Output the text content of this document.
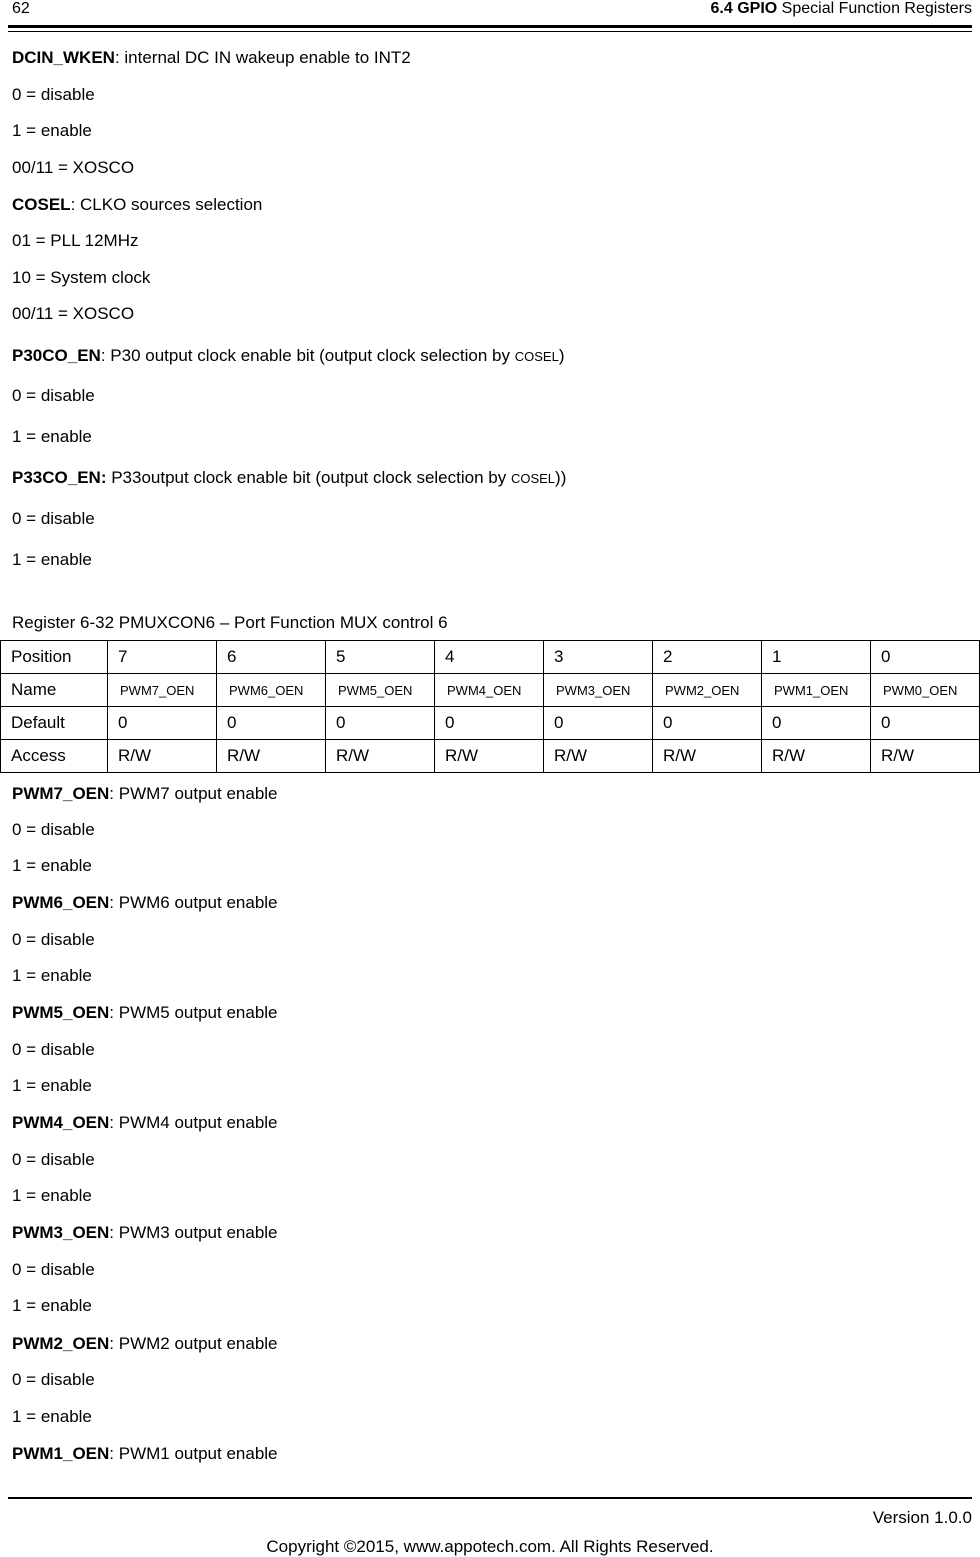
62	6.4 GPIO Special Function Registers
DCIN_WKEN: internal DC IN wakeup enable to INT2
0 = disable
1 = enable
00/11 = XOSCO
COSEL: CLKO sources selection
01 = PLL 12MHz
10 = System clock
00/11 = XOSCO
P30CO_EN: P30 output clock enable bit (output clock selection by COSEL)
0 = disable
1 = enable
P33CO_EN: P33output clock enable bit (output clock selection by COSEL))
0 = disable
1 = enable
Register 6-32 PMUXCON6 – Port Function MUX control 6
Position	7	6	5	4	3	2	1	0
Name	PWM7_OEN	PWM6_OEN	PWM5_OEN	PWM4_OEN	PWM3_OEN	PWM2_OEN	PWM1_OEN	PWM0_OEN
Default	0	0	0	0	0	0	0	0
Access	R/W	R/W	R/W	R/W	R/W	R/W	R/W	R/W
PWM7_OEN: PWM7 output enable
0 = disable
1 = enable
PWM6_OEN: PWM6 output enable
0 = disable
1 = enable
PWM5_OEN: PWM5 output enable
0 = disable
1 = enable
PWM4_OEN: PWM4 output enable
0 = disable
1 = enable
PWM3_OEN: PWM3 output enable
0 = disable
1 = enable
PWM2_OEN: PWM2 output enable
0 = disable
1 = enable
PWM1_OEN: PWM1 output enable
Version 1.0.0
Copyright ©2015, www.appotech.com. All Rights Reserved.
